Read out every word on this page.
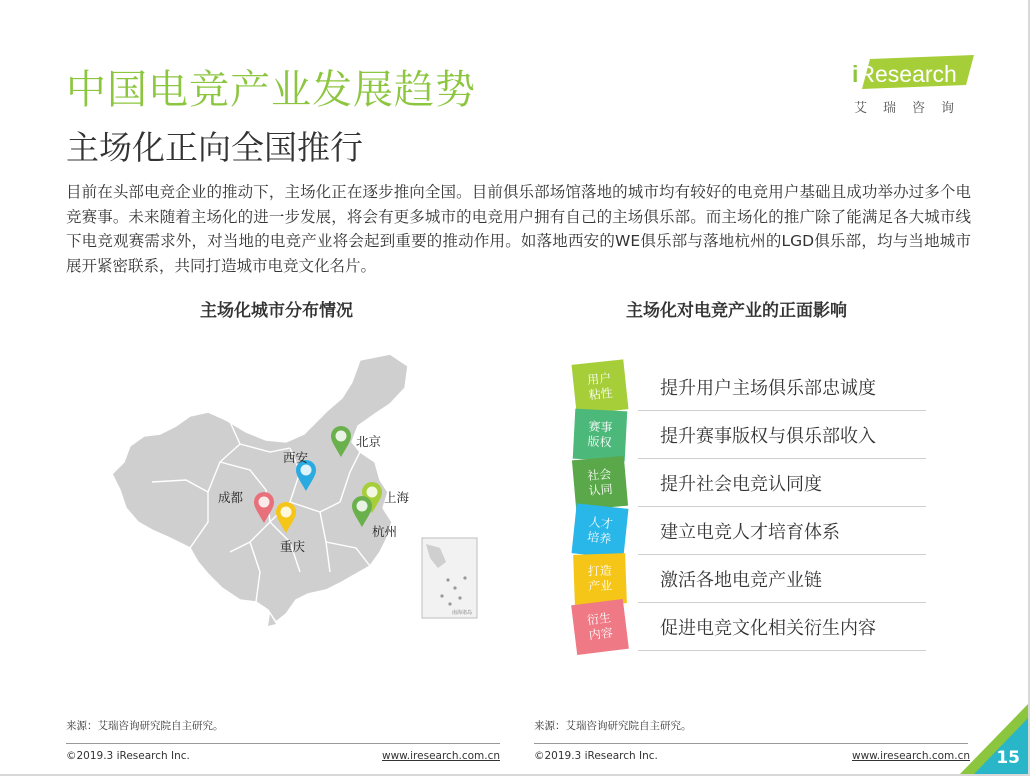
中国电竞产业发展趋势
主场化正向全国推行
iResearch
艾瑞咨询
目前在头部电竞企业的推动下，主场化正在逐步推向全国。目前俱乐部场馆落地的城市均有较好的电竞用户基础且成功举办过多个电竞赛事。未来随着主场化的进一步发展，将会有更多城市的电竞用户拥有自己的主场俱乐部。而主场化的推广除了能满足各大城市线下电竞观赛需求外，对当地的电竞产业将会起到重要的推动作用。如落地西安的WE俱乐部与落地杭州的LGD俱乐部，均与当地城市展开紧密联系，共同打造城市电竞文化名片。
主场化城市分布情况	主场化对电竞产业的正面影响
南海诸岛
北京
西安
成都
重庆
上海
杭州
用户粘性	提升用户主场俱乐部忠诚度
赛事版权	提升赛事版权与俱乐部收入
社会认同	提升社会电竞认同度
人才培养	建立电竞人才培育体系
打造产业	激活各地电竞产业链
衍生内容	促进电竞文化相关衍生内容
来源：艾瑞咨询研究院自主研究。	来源：艾瑞咨询研究院自主研究。
©2019.3 iResearch Inc.	www.iresearch.com.cn	©2019.3 iResearch Inc.	www.iresearch.com.cn 15
